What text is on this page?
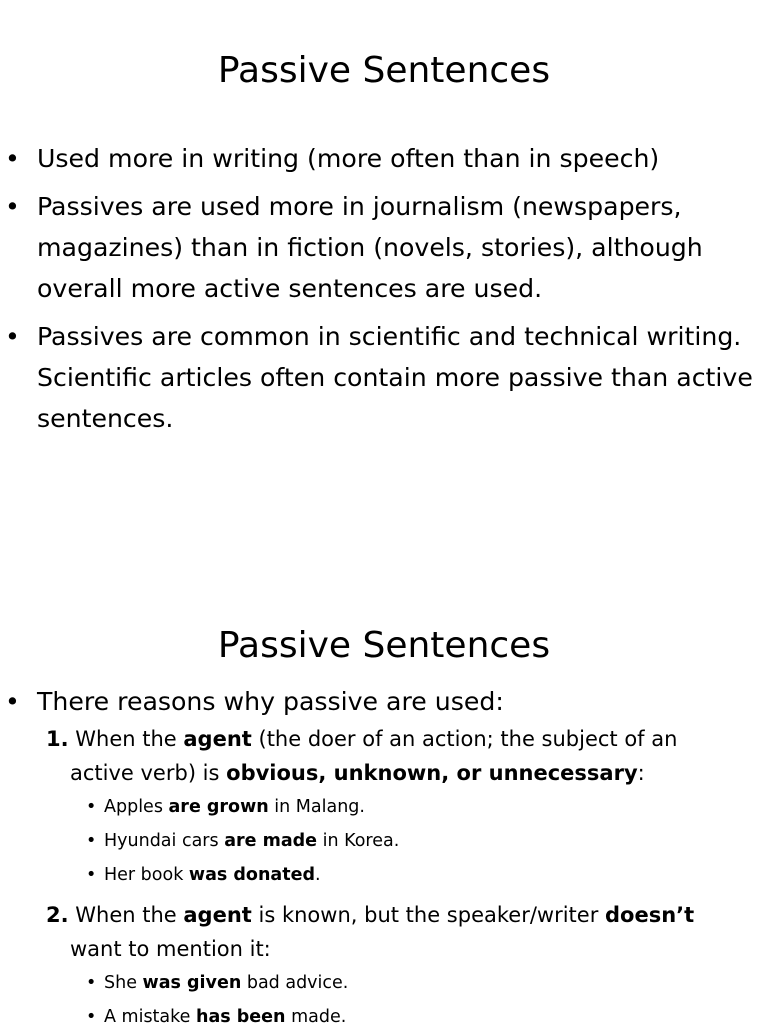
Passive Sentences
• Used more in writing (more often than in speech)
• Passives are used more in journalism (newspapers, magazines) than in fiction (novels, stories), although overall more active sentences are used.
• Passives are common in scientific and technical writing. Scientific articles often contain more passive than active sentences.
Passive Sentences
• There reasons why passive are used:
1. When the agent (the doer of an action; the subject of an active verb) is obvious, unknown, or unnecessary:
• Apples are grown in Malang.
• Hyundai cars are made in Korea.
• Her book was donated.
2. When the agent is known, but the speaker/writer doesn’t want to mention it:
• She was given bad advice.
• A mistake has been made.
